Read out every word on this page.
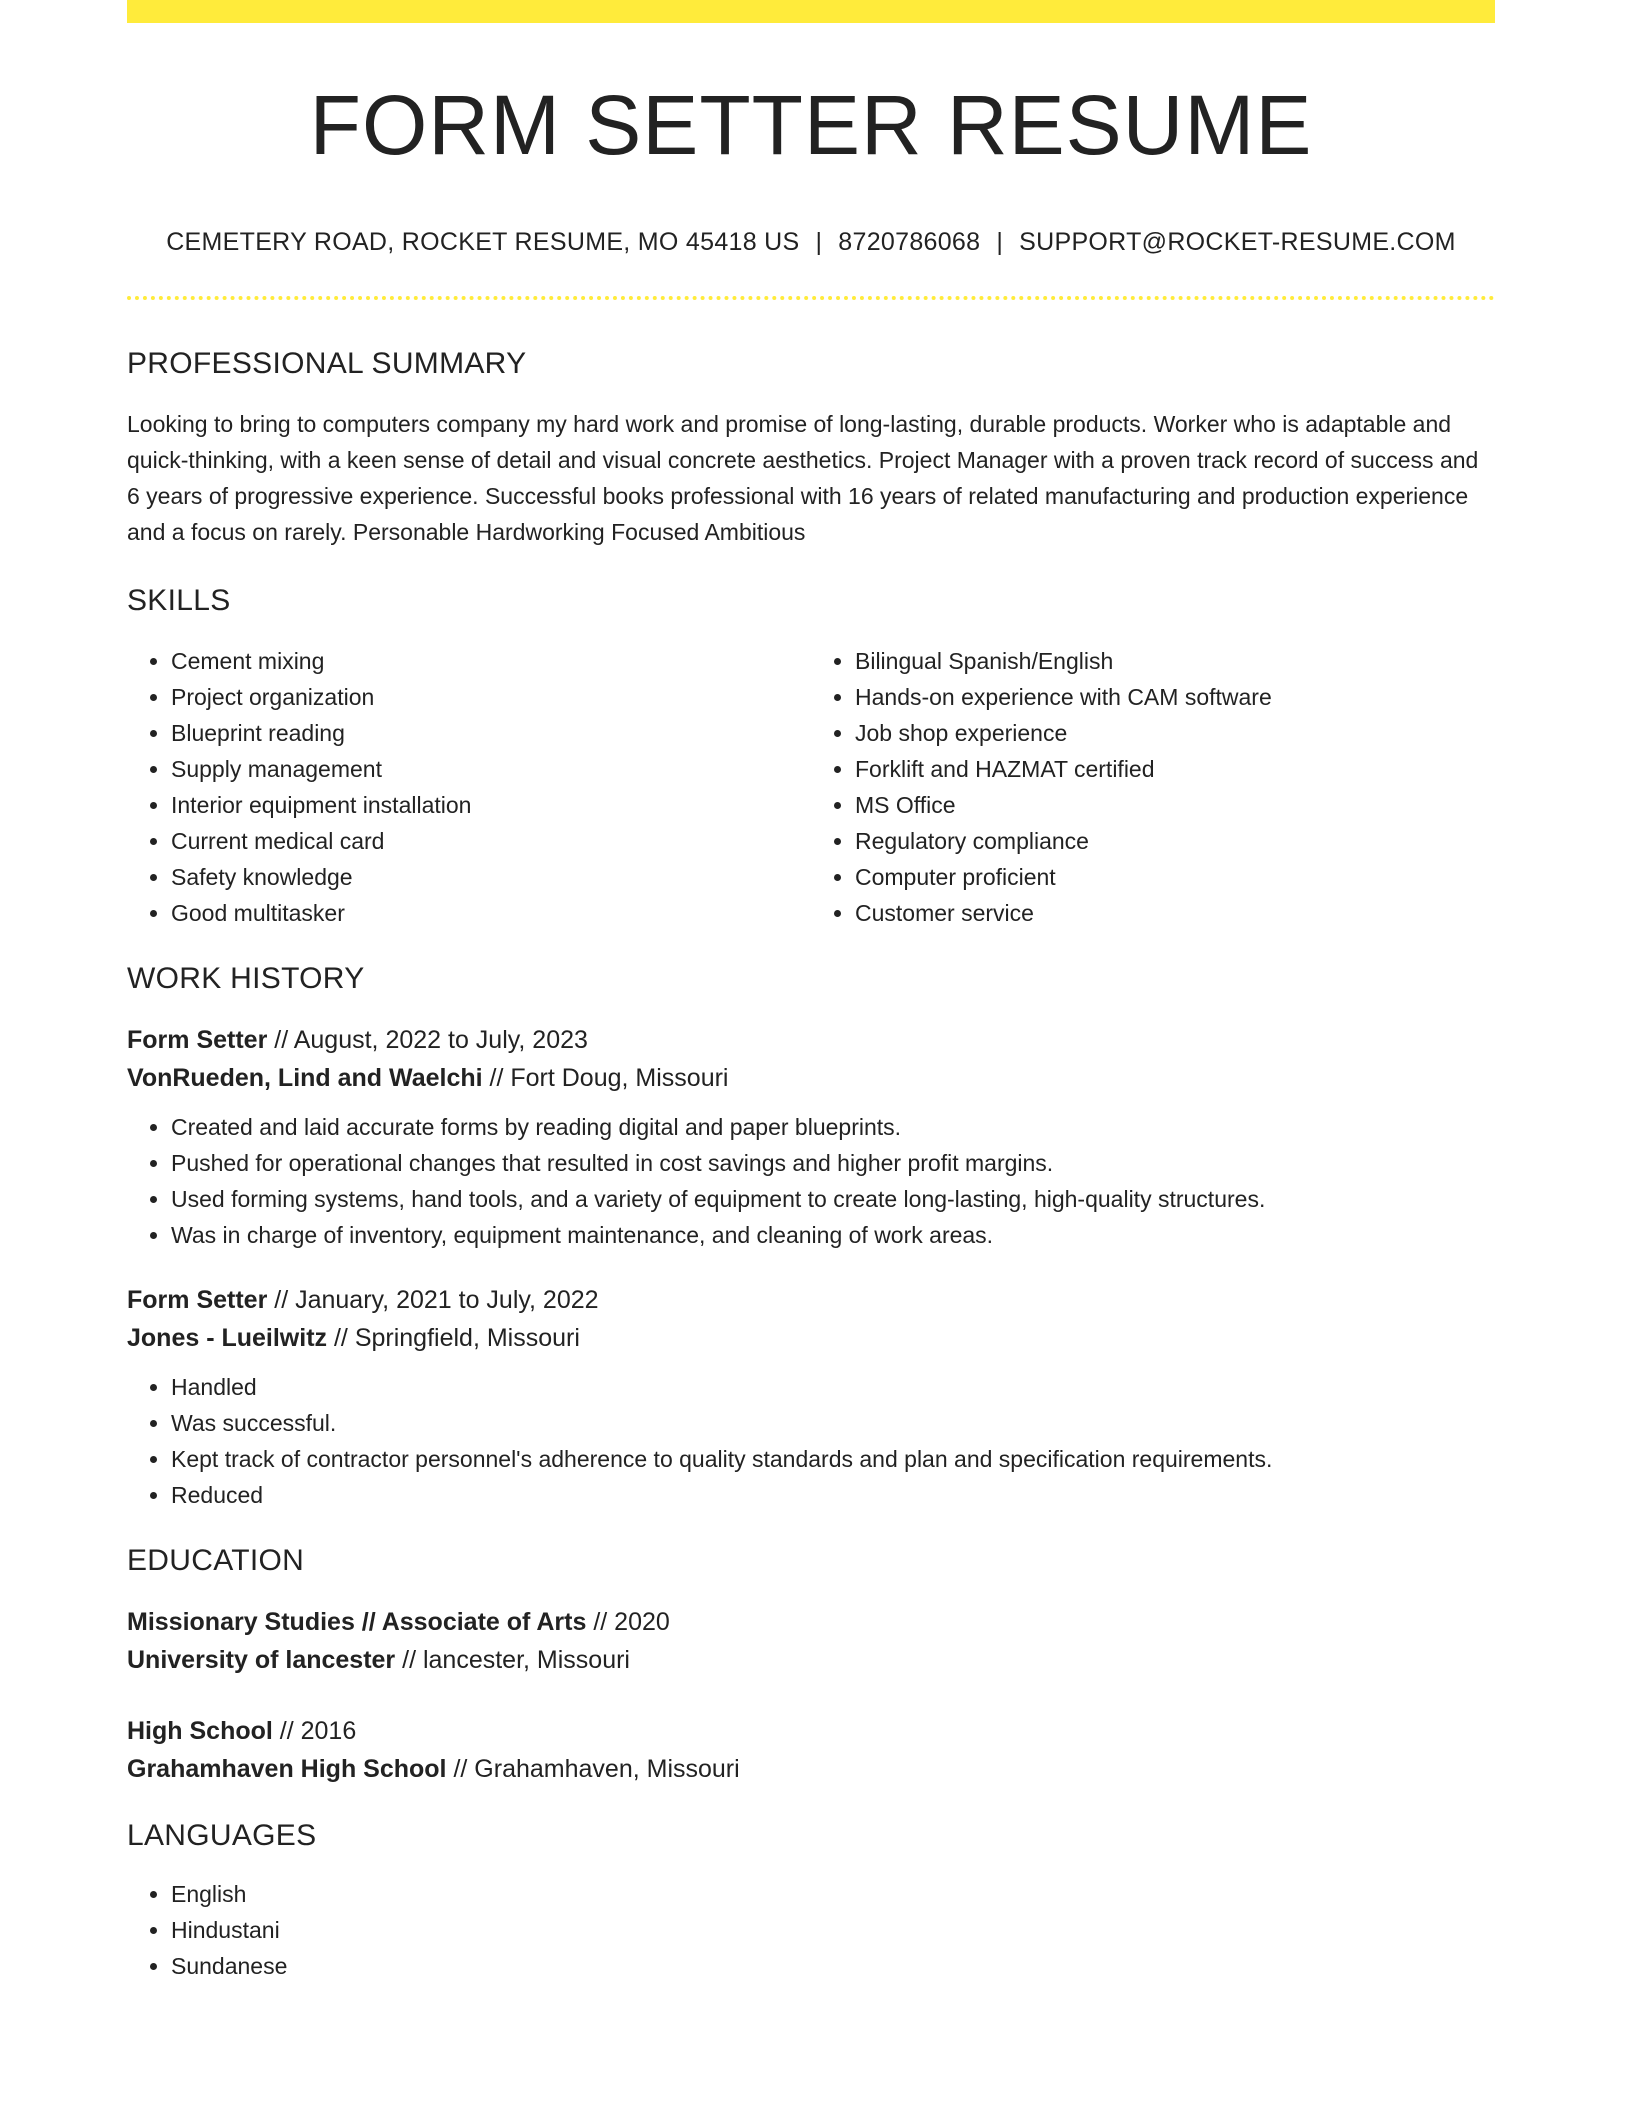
FORM SETTER RESUME
CEMETERY ROAD, ROCKET RESUME, MO 45418 US | 8720786068 | SUPPORT@ROCKET-RESUME.COM
PROFESSIONAL SUMMARY
Looking to bring to computers company my hard work and promise of long-lasting, durable products. Worker who is adaptable and quick-thinking, with a keen sense of detail and visual concrete aesthetics. Project Manager with a proven track record of success and 6 years of progressive experience. Successful books professional with 16 years of related manufacturing and production experience and a focus on rarely. Personable Hardworking Focused Ambitious
SKILLS
• Cement mixing
• Project organization
• Blueprint reading
• Supply management
• Interior equipment installation
• Current medical card
• Safety knowledge
• Good multitasker
• Bilingual Spanish/English
• Hands-on experience with CAM software
• Job shop experience
• Forklift and HAZMAT certified
• MS Office
• Regulatory compliance
• Computer proficient
• Customer service
WORK HISTORY
Form Setter // August, 2022 to July, 2023
VonRueden, Lind and Waelchi // Fort Doug, Missouri
• Created and laid accurate forms by reading digital and paper blueprints.
• Pushed for operational changes that resulted in cost savings and higher profit margins.
• Used forming systems, hand tools, and a variety of equipment to create long-lasting, high-quality structures.
• Was in charge of inventory, equipment maintenance, and cleaning of work areas.
Form Setter // January, 2021 to July, 2022
Jones - Lueilwitz // Springfield, Missouri
• Handled
• Was successful.
• Kept track of contractor personnel's adherence to quality standards and plan and specification requirements.
• Reduced
EDUCATION
Missionary Studies // Associate of Arts // 2020
University of lancester // lancester, Missouri
High School // 2016
Grahamhaven High School // Grahamhaven, Missouri
LANGUAGES
• English
• Hindustani
• Sundanese
